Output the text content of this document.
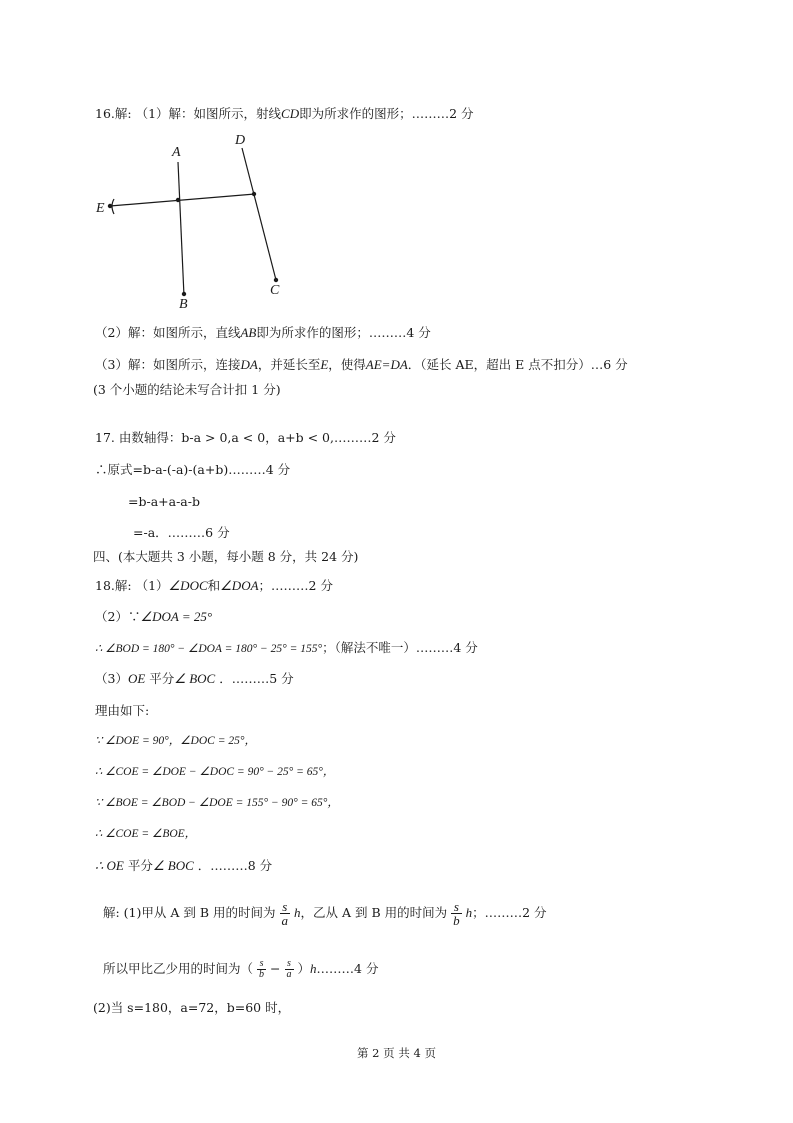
16.解: （1）解：如图所示，射线CD即为所求作的图形；………2 分
A
D
E
B
C
（2）解：如图所示，直线AB即为所求作的图形；………4 分
（3）解：如图所示，连接DA，并延长至E，使得AE=DA．（延长 AE，超出 E 点不扣分）…6 分
(3 个小题的结论未写合计扣 1 分)
17. 由数轴得：b-a > 0,a < 0，a+b < 0,………2 分
∴原式=b-a-(-a)-(a+b)………4 分
=b-a+a-a-b
=-a．………6 分
四、(本大题共 3 小题，每小题 8 分，共 24 分)
18.解: （1）∠DOC和∠DOA；………2 分
（2）∵∠DOA = 25°
∴ ∠BOD = 180° − ∠DOA = 180° − 25° = 155°；（解法不唯一）………4 分
（3）OE 平分∠ BOC ．………5 分
理由如下:
∵ ∠DOE = 90°，∠DOC = 25°，
∴ ∠COE = ∠DOE − ∠DOC = 90° − 25° = 65°，
∵ ∠BOE = ∠BOD − ∠DOE = 155° − 90° = 65°，
∴ ∠COE = ∠BOE，
∴ OE 平分∠ BOC ．………8 分
解: (1)甲从 A 到 B 用的时间为 $\frac{s}{a}$ h，乙从 A 到 B 用的时间为 $\frac{s}{b}$ h；………2 分
所以甲比乙少用的时间为（ $\frac{s}{b} - \frac{s}{a}$ ）h………4 分
(2)当 s=180，a=72，b=60 时，
第 2 页 共 4 页
